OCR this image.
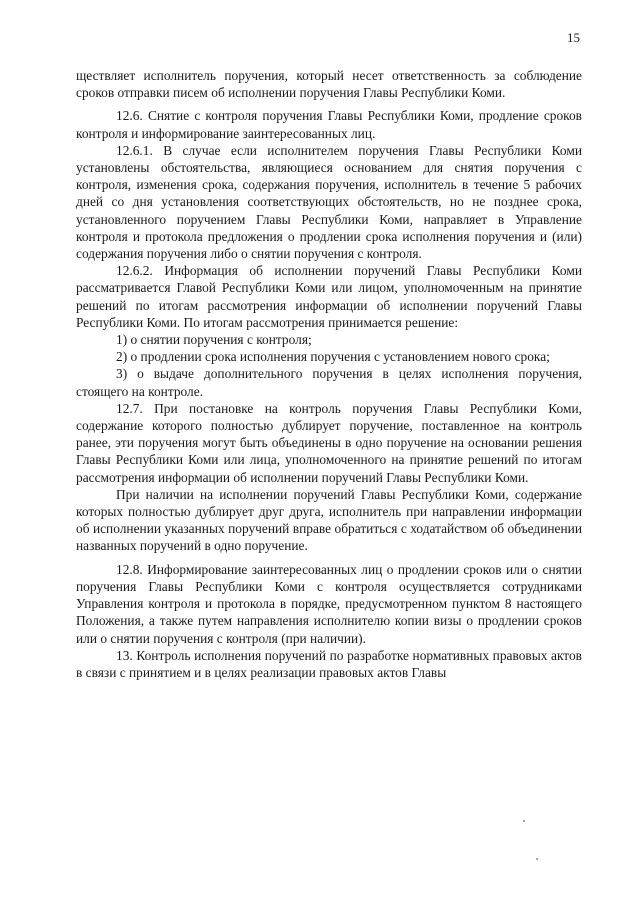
15

ществляет исполнитель поручения, который несет ответственность за соблюдение сроков отправки писем об исполнении поручения Главы Республики Коми.

12.6. Снятие с контроля поручения Главы Республики Коми, продление сроков контроля и информирование заинтересованных лиц.

12.6.1. В случае если исполнителем поручения Главы Республики Коми установлены обстоятельства, являющиеся основанием для снятия поручения с контроля, изменения срока, содержания поручения, исполнитель в течение 5 рабочих дней со дня установления соответствующих обстоятельств, но не позднее срока, установленного поручением Главы Республики Коми, направляет в Управление контроля и протокола предложения о продлении срока исполнения поручения и (или) содержания поручения либо о снятии поручения с контроля.

12.6.2. Информация об исполнении поручений Главы Республики Коми рассматривается Главой Республики Коми или лицом, уполномоченным на принятие решений по итогам рассмотрения информации об исполнении поручений Главы Республики Коми. По итогам рассмотрения принимается решение:

1) о снятии поручения с контроля;

2) о продлении срока исполнения поручения с установлением нового срока;

3) о выдаче дополнительного поручения в целях исполнения поручения, стоящего на контроле.

12.7. При постановке на контроль поручения Главы Республики Коми, содержание которого полностью дублирует поручение, поставленное на контроль ранее, эти поручения могут быть объединены в одно поручение на основании решения Главы Республики Коми или лица, уполномоченного на принятие решений по итогам рассмотрения информации об исполнении поручений Главы Республики Коми.

При наличии на исполнении поручений Главы Республики Коми, содержание которых полностью дублирует друг друга, исполнитель при направлении информации об исполнении указанных поручений вправе обратиться с ходатайством об объединении названных поручений в одно поручение.

12.8. Информирование заинтересованных лиц о продлении сроков или о снятии поручения Главы Республики Коми с контроля осуществляется сотрудниками Управления контроля и протокола в порядке, предусмотренном пунктом 8 настоящего Положения, а также путем направления исполнителю копии визы о продлении сроков или о снятии поручения с контроля (при наличии).

13. Контроль исполнения поручений по разработке нормативных правовых актов в связи с принятием и в целях реализации правовых актов Главы
